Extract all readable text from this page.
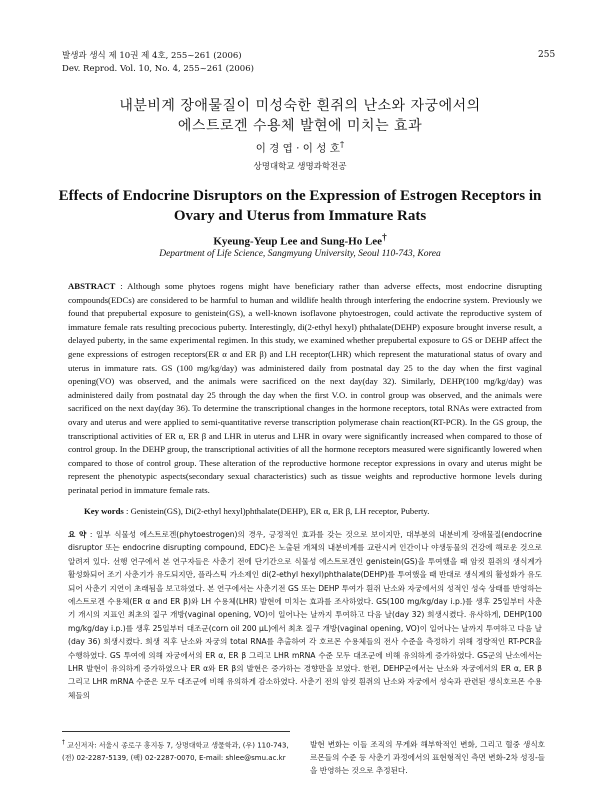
발생과 생식 제 10권 제 4호, 255~261 (2006)
Dev. Reprod. Vol. 10, No. 4, 255~261 (2006)
255
내분비계 장애물질이 미성숙한 흰쥐의 난소와 자궁에서의
에스트로겐 수용체 발현에 미치는 효과
이 경 엽 · 이 성 호†
상명대학교 생명과학전공
Effects of Endocrine Disruptors on the Expression of Estrogen Receptors in Ovary and Uterus from Immature Rats
Kyeung-Yeup Lee and Sung-Ho Lee†
Department of Life Science, Sangmyung University, Seoul 110-743, Korea
ABSTRACT : Although some phytoes rogens might have beneficiary rather than adverse effects, most endocrine disrupting compounds(EDCs) are considered to be harmful to human and wildlife health through interfering the endocrine system. Previously we found that prepubertal exposure to genistein(GS), a well-known isoflavone phytoestrogen, could activate the reproductive system of immature female rats resulting precocious puberty. Interestingly, di(2-ethyl hexyl) phthalate(DEHP) exposure brought inverse result, a delayed puberty, in the same experimental regimen. In this study, we examined whether prepubertal exposure to GS or DEHP affect the gene expressions of estrogen receptors(ER α and ER β) and LH receptor(LHR) which represent the maturational status of ovary and uterus in immature rats. GS (100 mg/kg/day) was administered daily from postnatal day 25 to the day when the first vaginal opening(VO) was observed, and the animals were sacrificed on the next day(day 32). Similarly, DEHP(100 mg/kg/day) was administered daily from postnatal day 25 through the day when the first V.O. in control group was observed, and the animals were sacrificed on the next day(day 36). To determine the transcriptional changes in the hormone receptors, total RNAs were extracted from ovary and uterus and were applied to semi-quantitative reverse transcription polymerase chain reaction(RT-PCR). In the GS group, the transcriptional activities of ER α, ER β and LHR in uterus and LHR in ovary were significantly increased when compared to those of control group. In the DEHP group, the transcriptional activities of all the hormone receptors measured were significantly lowered when compared to those of control group. These alteration of the reproductive hormone receptor expressions in ovary and uterus might be represent the phenotypic aspects(secondary sexual characteristics) such as tissue weights and reproductive hormone levels during perinatal period in immature female rats.
Key words : Genistein(GS), Di(2-ethyl hexyl)phthalate(DEHP), ER α, ER β, LH receptor, Puberty.
요 약 : 일부 식물성 에스트로겐(phytoestrogen)의 경우, 긍정적인 효과를 갖는 것으로 보이지만, 대부분의 내분비계 장애물질(endocrine disruptor 또는 endocrine disrupting compound, EDC)은 노출된 개체의 내분비계를 교란시켜 인간이나 야생동물의 건강에 해로운 것으로 알려져 있다. 선행 연구에서 본 연구자들은 사춘기 전에 단기간으로 식물성 에스트로겐인 genistein(GS)을 투여했을 때 암컷 흰쥐의 생식계가 활성화되어 조기 사춘기가 유도되지만, 플라스틱 가소제인 di(2-ethyl hexyl)phthalate(DEHP)를 투여했을 때 반대로 생식계의 활성화가 유도되어 사춘기 지연이 초래됨을 보고하였다. 본 연구에서는 사춘기전 GS 또는 DEHP 투여가 흰쥐 난소와 자궁에서의 성적인 성숙 상태를 반영하는 에스트로겐 수용체(ER α and ER β)와 LH 수용체(LHR) 발현에 미치는 효과를 조사하였다. GS(100 mg/kg/day i.p.)를 생후 25일부터 사춘기 개시의 지표인 최초의 질구 개방(vaginal opening, VO)이 일어나는 날까지 투여하고 다음 날(day 32) 희생시켰다. 유사하게, DEHP(100 mg/kg/day i.p.)를 생후 25일부터 대조군(corn oil 200 μL)에서 최초 질구 개방(vaginal opening, VO)이 일어나는 날까지 투여하고 다음 날(day 36) 희생시켰다. 희생 직후 난소와 자궁의 total RNA를 추출하여 각 호르몬 수용체들의 전사 수준을 측정하기 위해 정량적인 RT-PCR을 수행하였다. GS 투여에 의해 자궁에서의 ER α, ER β 그리고 LHR mRNA 수준 모두 대조군에 비해 유의하게 증가하였다. GS군의 난소에서는 LHR 발현이 유의하게 증가하였으나 ER α와 ER β의 발현은 증가하는 경향만을 보였다. 한편, DEHP군에서는 난소와 자궁에서의 ER α, ER β 그리고 LHR mRNA 수준은 모두 대조군에 비해 유의하게 감소하였다. 사춘기 전의 암컷 흰쥐의 난소와 자궁에서 성숙과 관련된 생식호르몬 수용체들의
† 교신저자: 서울시 종로구 홍지동 7, 상명대학교 생물학과, (우) 110-743, (전) 02-2287-5139, (팩) 02-2287-0070, E-mail: shlee@smu.ac.kr
발현 변화는 이들 조직의 무게와 해부학적인 변화, 그리고 혈중 생식호르몬들의 수준 등 사춘기 과정에서의 표현형적인 측면 변화-2차 성징-들을 반영하는 것으로 추정된다.
